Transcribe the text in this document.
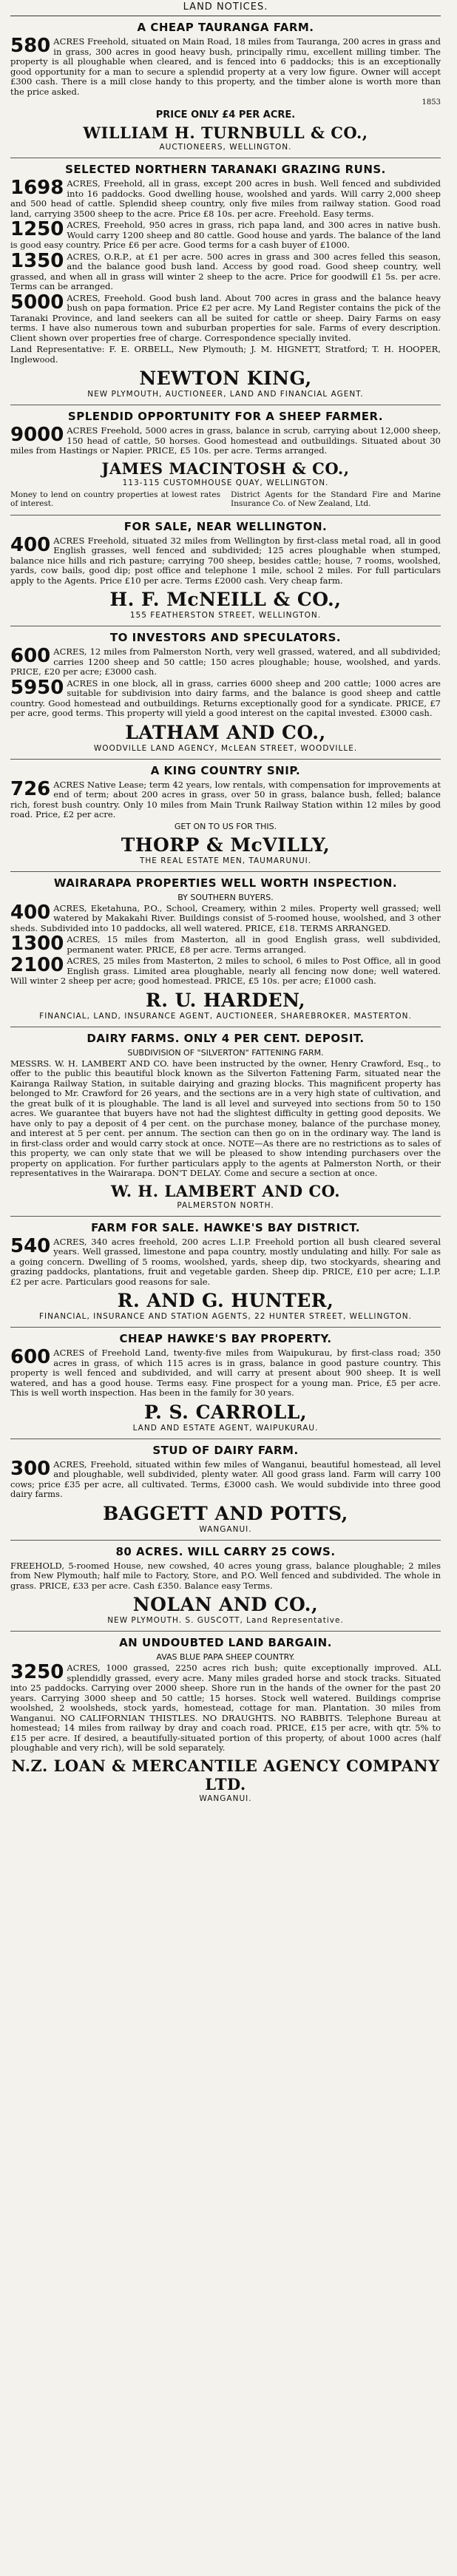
LAND NOTICES.
A CHEAP TAURANGA FARM.

580 ACRES Freehold, situated on Main Road, 18 miles from Tauranga, 200 acres in grass and in grass, 300 acres in good heavy bush, principally rimu, excellent milling timber. The property is all ploughable when cleared, and is fenced into 6 paddocks; this is an exceptionally good opportunity for a man to secure a splendid property at a very low figure. Owner will accept £300 cash. There is a mill close handy to this property, and the timber alone is worth more than the price asked.

1853

PRICE ONLY £4 PER ACRE.
WILLIAM H. TURNBULL & CO.,
AUCTIONEERS, WELLINGTON.
SELECTED NORTHERN TARANAKI GRAZING RUNS.

1698 ACRES, Freehold, all in grass, except 200 acres in bush. Well fenced and subdivided into 16 paddocks. Good dwelling house, woolshed and yards. Will carry 2,000 sheep and 500 head of cattle. Splendid sheep country, only five miles from railway station. Good road land, carrying 3500 sheep to the acre. Price £8 10s. per acre. Freehold. Easy terms.

1250 ACRES, Freehold, 950 acres in grass, rich papa land, and 300 acres in native bush. Would carry 1200 sheep and 80 cattle. Good house and yards. The balance of the land is good easy country. Price £6 per acre. Good terms for a cash buyer of £1000.

1350 ACRES, O.R.P., at £1 per acre. 500 acres in grass and 300 acres felled this season, and the balance good bush land. Access by good road. Good sheep country, well grassed, and when all in grass will winter 2 sheep to the acre. Price for goodwill £1 5s. per acre. Terms can be arranged.

5000 ACRES, Freehold. Good bush land. About 700 acres in grass and the balance heavy bush on papa formation. Price £2 per acre. My Land Register contains the pick of the Taranaki Province, and land seekers can all be suited for cattle or sheep. Dairy Farms on easy terms. I have also numerous town and suburban properties for sale. Farms of every description. Client shown over properties free of charge. Correspondence specially invited.

Land Representative: F. E. ORBELL, New Plymouth; J. M. HIGNETT, Stratford; T. H. HOOPER, Inglewood.

NEWTON KING,
NEW PLYMOUTH, AUCTIONEER, LAND AND FINANCIAL AGENT.
SPLENDID OPPORTUNITY FOR A SHEEP FARMER.

9000 ACRES Freehold, 5000 acres in grass, balance in scrub, carrying about 12,000 sheep, 150 head of cattle, 50 horses. Good homestead and outbuildings. Situated about 30 miles from Hastings or Napier. PRICE, £5 10s. per acre. Terms arranged.

JAMES MACINTOSH & CO.,
113-115 CUSTOMHOUSE QUAY, WELLINGTON.
Money to lend on country properties at lowest rates of interest.
District Agents for the Standard Fire and Marine Insurance Co. of New Zealand, Ltd.
FOR SALE, NEAR WELLINGTON.

400 ACRES Freehold, situated 32 miles from Wellington by first-class metal road, all in good English grasses, well fenced and subdivided; 125 acres ploughable when stumped, balance nice hills and rich pasture; carrying 700 sheep, besides cattle; house, 7 rooms, woolshed, yards, cow bails, good dip; post office and telephone 1 mile, school 2 miles. For full particulars apply to the Agents. Price £10 per acre. Terms £2000 cash. Very cheap farm.

H. F. McNEILL & CO.,
155 FEATHERSTON STREET, WELLINGTON.
TO INVESTORS AND SPECULATORS.

600 ACRES, 12 miles from Palmerston North, very well grassed, watered, and all subdivided; carries 1200 sheep and 50 cattle; 150 acres ploughable; house, woolshed, and yards. PRICE, £20 per acre; £3000 cash.

5950 ACRES in one block, all in grass, carries 6000 sheep and 200 cattle; 1000 acres are suitable for subdivision into dairy farms, and the balance is good sheep and cattle country. Good homestead and outbuildings. Returns exceptionally good for a syndicate. PRICE, £7 per acre, good terms. This property will yield a good interest on the capital invested. £3000 cash.

LATHAM AND CO.,
WOODVILLE LAND AGENCY, McLEAN STREET, WOODVILLE.
A KING COUNTRY SNIP.

726 ACRES Native Lease; term 42 years, low rentals, with compensation for improvements at end of term; about 200 acres in grass, over 50 in grass, balance bush, felled; balance rich, forest bush country. Only 10 miles from Main Trunk Railway Station within 12 miles by good road. Price, £2 per acre.

GET ON TO US FOR THIS.
THORP & McVILLY,
THE REAL ESTATE MEN, TAUMARUNUI.
WAIRARAPA PROPERTIES WELL WORTH INSPECTION.
BY SOUTHERN BUYERS.

400 ACRES, Eketahuna, P.O., School, Creamery, within 2 miles. Property well grassed; well watered by Makakahi River. Buildings consist of 5-roomed house, woolshed, and 3 other sheds. Subdivided into 10 paddocks, all well watered. PRICE, £18. TERMS ARRANGED.

1300 ACRES, 15 miles from Masterton, all in good English grass, well subdivided, permanent water. PRICE, £8 per acre. Terms arranged.

2100 ACRES, 25 miles from Masterton, 2 miles to school, 6 miles to Post Office, all in good English grass. Limited area ploughable, nearly all fencing now done; well watered. Will winter 2 sheep per acre; good homestead. PRICE, £5 10s. per acre; £1000 cash.

R. U. HARDEN,
FINANCIAL, LAND, INSURANCE AGENT, AUCTIONEER, SHAREBROKER, MASTERTON.
DAIRY FARMS. ONLY 4 PER CENT. DEPOSIT.
SUBDIVISION OF "SILVERTON" FATTENING FARM.

MESSRS. W. H. LAMBERT AND CO. have been instructed by the owner, Henry Crawford, Esq., to offer to the public this beautiful block known as the Silverton Fattening Farm, situated near the Kairanga Railway Station, in suitable dairying and grazing blocks. This magnificent property has belonged to Mr. Crawford for 26 years, and the sections are in a very high state of cultivation, and the great bulk of it is ploughable. The land is all level and surveyed into sections from 50 to 150 acres. We guarantee that buyers have not had the slightest difficulty in getting good deposits. We have only to pay a deposit of 4 per cent. on the purchase money, balance of the purchase money, and interest at 5 per cent. per annum. The section can then go on in the ordinary way. The land is in first-class order and would carry stock at once. NOTE—As there are no restrictions as to sales of this property, we can only state that we will be pleased to show intending purchasers over the property on application. For further particulars apply to the agents at Palmerston North, or their representatives in the Wairarapa. DON'T DELAY. Come and secure a section at once.

W. H. LAMBERT AND CO.
PALMERSTON NORTH.
FARM FOR SALE. HAWKE'S BAY DISTRICT.

540 ACRES, 340 acres freehold, 200 acres L.I.P. Freehold portion all bush cleared several years. Well grassed, limestone and papa country, mostly undulating and hilly. For sale as a going concern. Dwelling of 5 rooms, woolshed, yards, sheep dip, two stockyards, shearing and grazing paddocks, plantations, fruit and vegetable garden. Sheep dip. PRICE, £10 per acre; L.I.P. £2 per acre. Particulars good reasons for sale.

R. AND G. HUNTER,
FINANCIAL, INSURANCE AND STATION AGENTS, 22 HUNTER STREET, WELLINGTON.
CHEAP HAWKE'S BAY PROPERTY.

600 ACRES of Freehold Land, twenty-five miles from Waipukurau, by first-class road; 350 acres in grass, of which 115 acres is in grass, balance in good pasture country. This property is well fenced and subdivided, and will carry at present about 900 sheep. It is well watered, and has a good house. Terms easy. Fine prospect for a young man. Price, £5 per acre. This is well worth inspection. Has been in the family for 30 years.

P. S. CARROLL,
LAND AND ESTATE AGENT, WAIPUKURAU.
STUD OF DAIRY FARM.

300 ACRES, Freehold, situated within few miles of Wanganui, beautiful homestead, all level and ploughable, well subdivided, plenty water. All good grass land. Farm will carry 100 cows; price £35 per acre, all cultivated. Terms, £3000 cash. We would subdivide into three good dairy farms.

BAGGETT AND POTTS,
WANGANUI.
80 ACRES. WILL CARRY 25 COWS.

FREEHOLD, 5-roomed House, new cowshed, 40 acres young grass, balance ploughable; 2 miles from New Plymouth; half mile to Factory, Store, and P.O. Well fenced and subdivided. The whole in grass. PRICE, £33 per acre. Cash £350. Balance easy Terms.

NOLAN AND CO.,
NEW PLYMOUTH. S. GUSCOTT, Land Representative.
AN UNDOUBTED LAND BARGAIN.
AVAS BLUE PAPA SHEEP COUNTRY.

3250 ACRES, 1000 grassed, 2250 acres rich bush; quite exceptionally improved. ALL splendidly grassed, every acre. Many miles graded horse and stock tracks. Situated into 25 paddocks. Carrying over 2000 sheep. Shore run in the hands of the owner for the past 20 years. Carrying 3000 sheep and 50 cattle; 15 horses. Stock well watered. Buildings comprise woolshed, 2 woolsheds, stock yards, homestead, cottage for man. Plantation. 30 miles from Wanganui. NO CALIFORNIAN THISTLES. NO DRAUGHTS. NO RABBITS. Telephone Bureau at homestead; 14 miles from railway by dray and coach road. PRICE, £15 per acre, with qtr. 5% to £15 per acre. If desired, a beautifully-situated portion of this property, of about 1000 acres (half ploughable and very rich), will be sold separately.

N.Z. LOAN & MERCANTILE AGENCY COMPANY LTD.
WANGANUI.
